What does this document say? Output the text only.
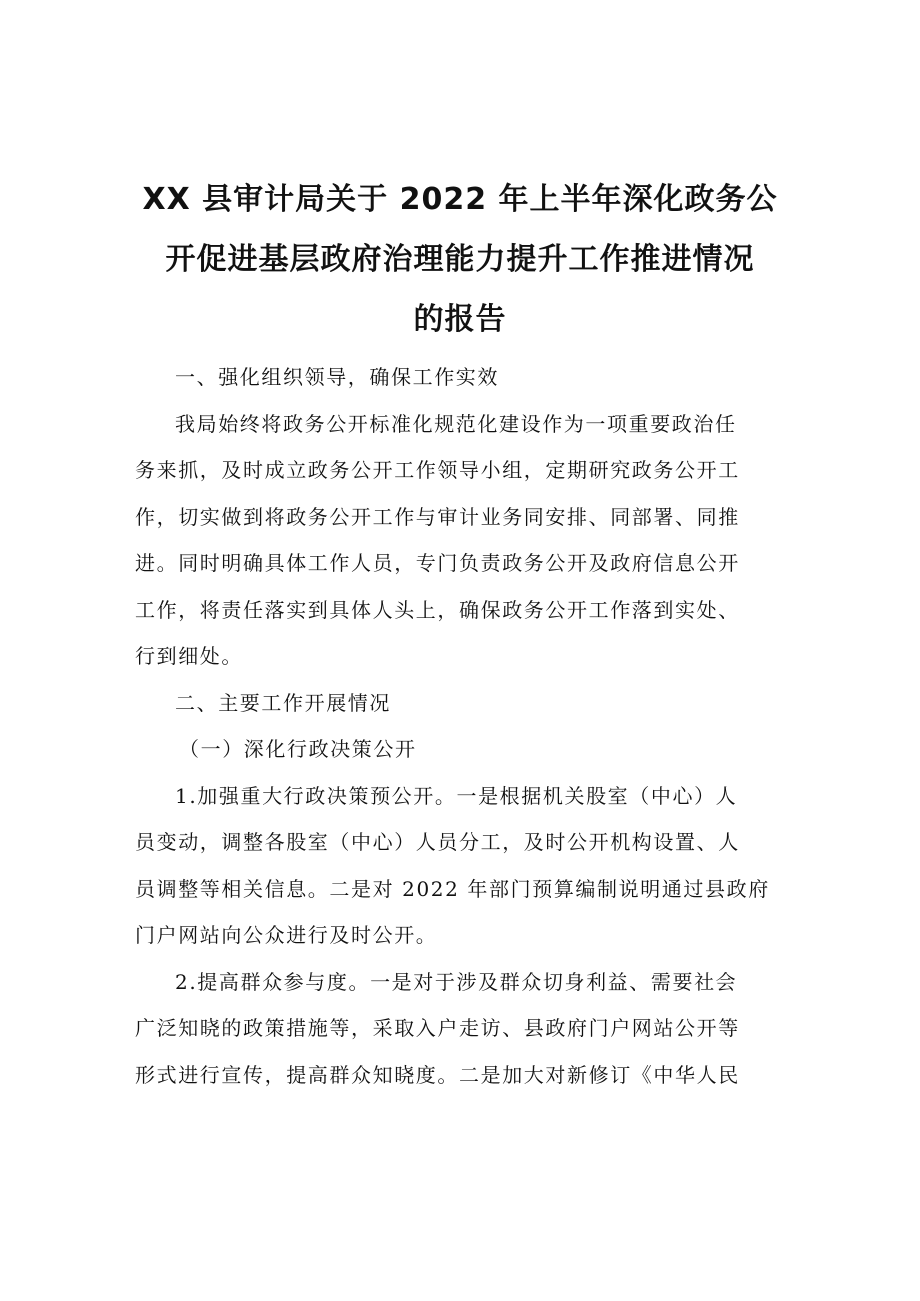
XX 县审计局关于 2022 年上半年深化政务公
开促进基层政府治理能力提升工作推进情况
的报告

一、强化组织领导，确保工作实效

我局始终将政务公开标准化规范化建设作为一项重要政治任
务来抓，及时成立政务公开工作领导小组，定期研究政务公开工
作，切实做到将政务公开工作与审计业务同安排、同部署、同推
进。同时明确具体工作人员，专门负责政务公开及政府信息公开
工作，将责任落实到具体人头上，确保政务公开工作落到实处、
行到细处。

二、主要工作开展情况

（一）深化行政决策公开

1.加强重大行政决策预公开。一是根据机关股室（中心）人
员变动，调整各股室（中心）人员分工，及时公开机构设置、人
员调整等相关信息。二是对 2022 年部门预算编制说明通过县政府
门户网站向公众进行及时公开。
2.提高群众参与度。一是对于涉及群众切身利益、需要社会
广泛知晓的政策措施等，采取入户走访、县政府门户网站公开等
形式进行宣传，提高群众知晓度。二是加大对新修订《中华人民
